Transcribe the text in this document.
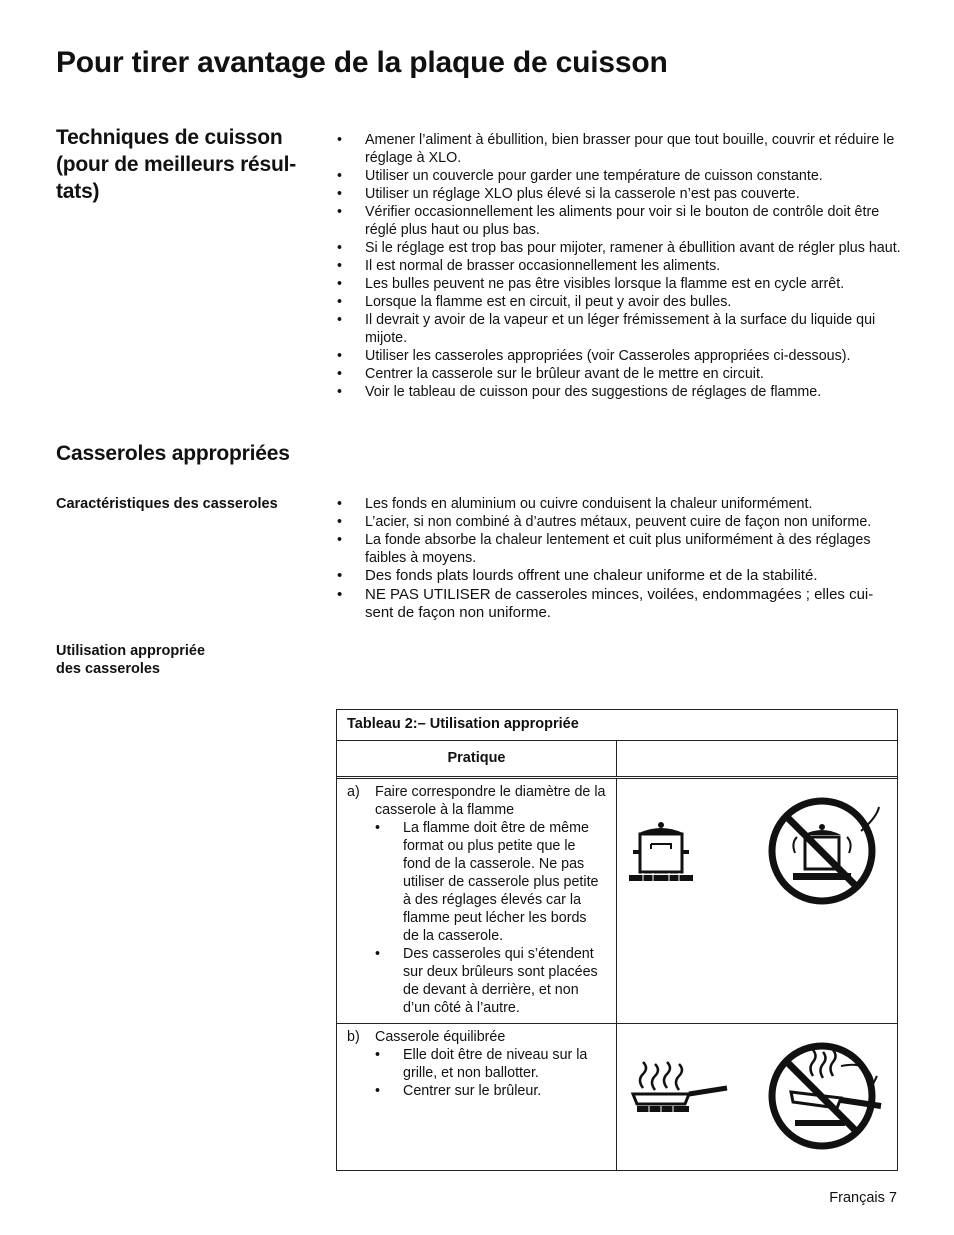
Pour tirer avantage de la plaque de cuisson
Techniques de cuisson
(pour de meilleurs résul-
tats)
• Amener l’aliment à ébullition, bien brasser pour que tout bouille, couvrir et réduire le réglage à XLO.
• Utiliser un couvercle pour garder une température de cuisson constante.
• Utiliser un réglage XLO plus élevé si la casserole n’est pas couverte.
• Vérifier occasionnellement les aliments pour voir si le bouton de contrôle doit être réglé plus haut ou plus bas.
• Si le réglage est trop bas pour mijoter, ramener à ébullition avant de régler plus haut.
• Il est normal de brasser occasionnellement les aliments.
• Les bulles peuvent ne pas être visibles lorsque la flamme est en cycle arrêt.
• Lorsque la flamme est en circuit, il peut y avoir des bulles.
• Il devrait y avoir de la vapeur et un léger frémissement à la surface du liquide qui mijote.
• Utiliser les casseroles appropriées (voir Casseroles appropriées ci-dessous).
• Centrer la casserole sur le brûleur avant de le mettre en circuit.
• Voir le tableau de cuisson pour des suggestions de réglages de flamme.
Casseroles appropriées
Caractéristiques des casseroles
•	Les fonds en aluminium ou cuivre conduisent la chaleur uniformément.
• L’acier, si non combiné à d’autres métaux, peuvent cuire de façon non uniforme.
• La fonde absorbe la chaleur lentement et cuit plus uniformément à des réglages faibles à moyens.
• Des fonds plats lourds offrent une chaleur uniforme et de la stabilité.
• NE PAS UTILISER de casseroles minces, voilées, endommagées ; elles cui-sent de façon non uniforme.
Utilisation appropriée
des casseroles
Tableau 2:– Utilisation appropriée
Pratique
a) Faire correspondre le diamètre de la casserole à la flamme
• La flamme doit être de même format ou plus petite que le fond de la casserole. Ne pas utiliser de casserole plus petite à des réglages élevés car la flamme peut lécher les bords de la casserole.
• Des casseroles qui s’étendent sur deux brûleurs sont placées de devant à derrière, et non d’un côté à l’autre.
b) Casserole équilibrée
• Elle doit être de niveau sur la grille, et non ballotter.
• Centrer sur le brûleur.
Français 7
